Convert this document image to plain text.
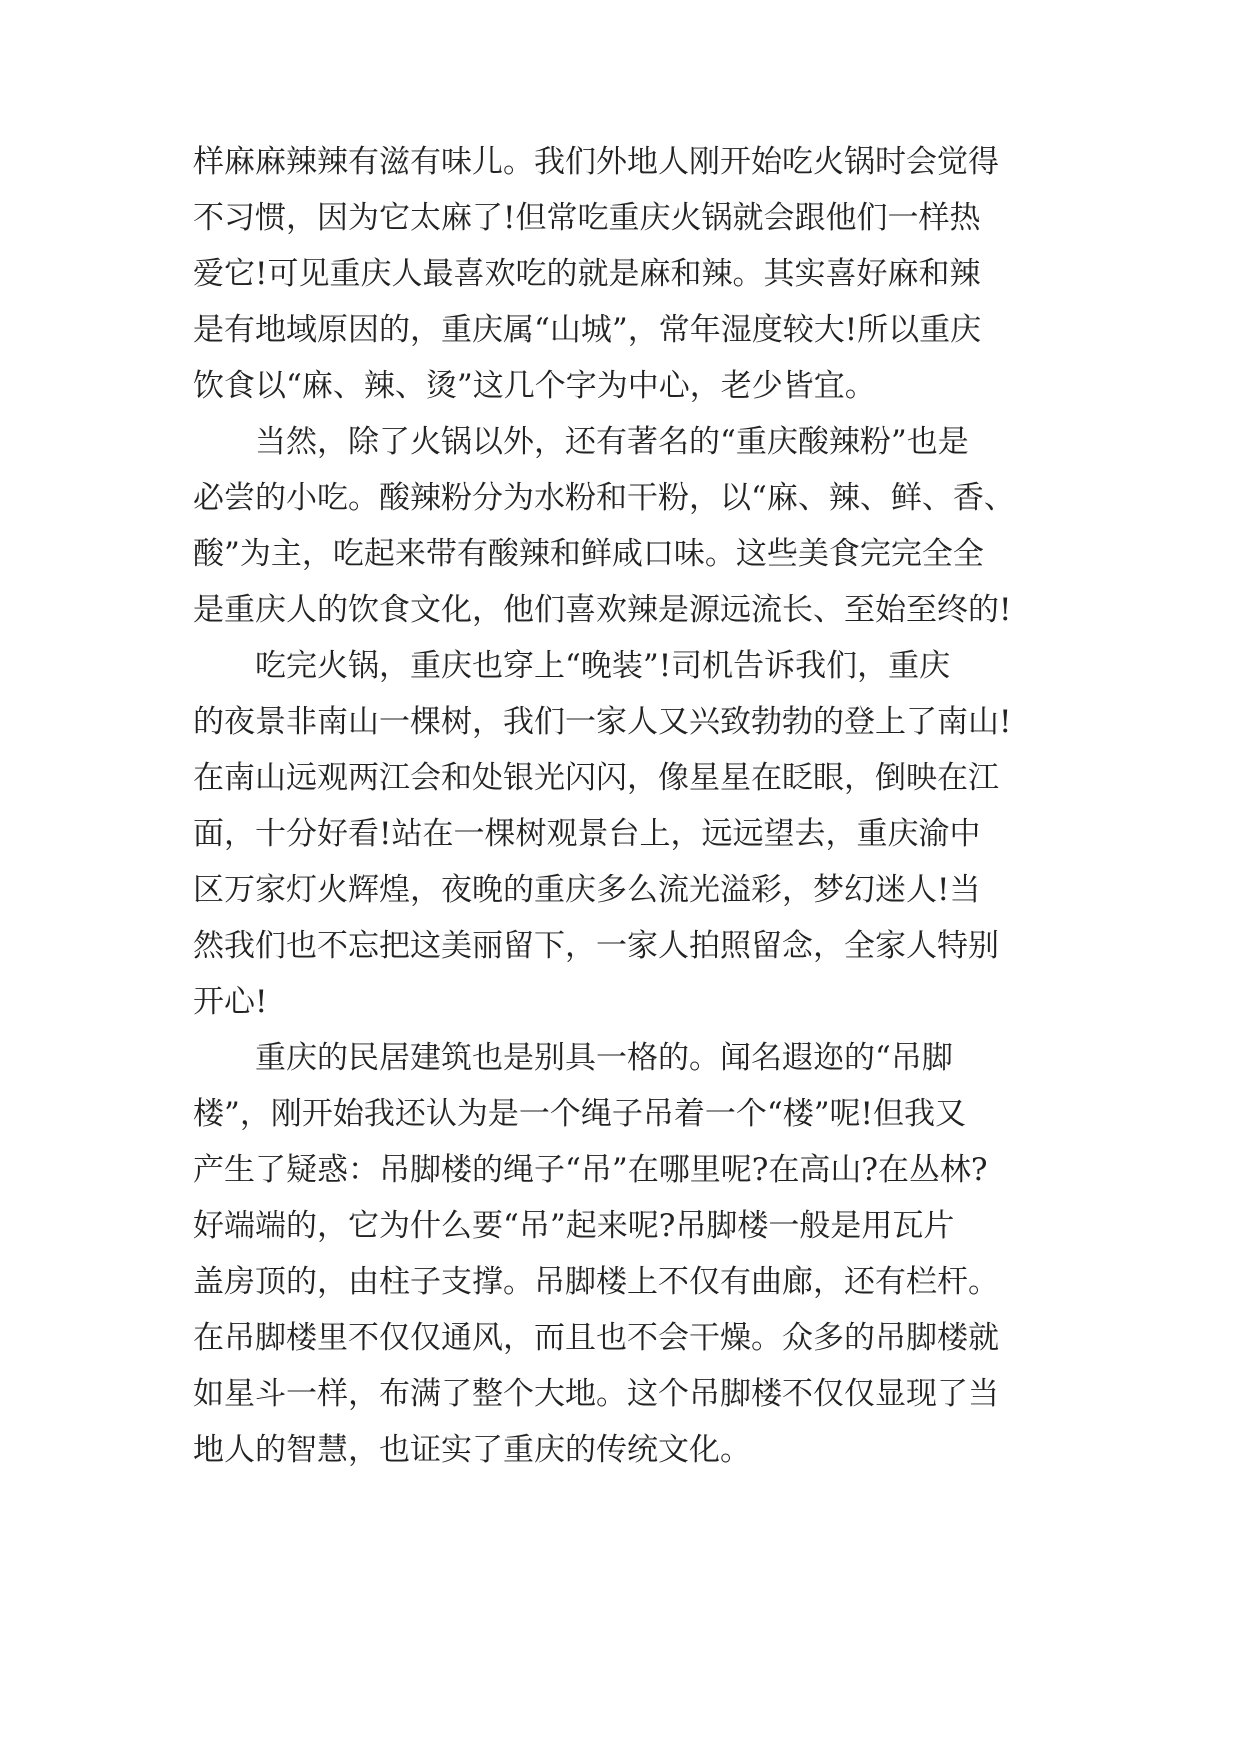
样麻麻辣辣有滋有味儿。我们外地人刚开始吃火锅时会觉得
不习惯，因为它太麻了!但常吃重庆火锅就会跟他们一样热
爱它!可见重庆人最喜欢吃的就是麻和辣。其实喜好麻和辣
是有地域原因的，重庆属“山城”，常年湿度较大!所以重庆
饮食以“麻、辣、烫”这几个字为中心，老少皆宜。
当然，除了火锅以外，还有著名的“重庆酸辣粉”也是
必尝的小吃。酸辣粉分为水粉和干粉，以“麻、辣、鲜、香、
酸”为主，吃起来带有酸辣和鲜咸口味。这些美食完完全全
是重庆人的饮食文化，他们喜欢辣是源远流长、至始至终的!
吃完火锅，重庆也穿上“晚装”!司机告诉我们，重庆
的夜景非南山一棵树，我们一家人又兴致勃勃的登上了南山!
在南山远观两江会和处银光闪闪，像星星在眨眼，倒映在江
面，十分好看!站在一棵树观景台上，远远望去，重庆渝中
区万家灯火辉煌，夜晚的重庆多么流光溢彩，梦幻迷人!当
然我们也不忘把这美丽留下，一家人拍照留念，全家人特别
开心!
重庆的民居建筑也是别具一格的。闻名遐迩的“吊脚
楼”，刚开始我还认为是一个绳子吊着一个“楼”呢!但我又
产生了疑惑：吊脚楼的绳子“吊”在哪里呢?在高山?在丛林?
好端端的，它为什么要“吊”起来呢?吊脚楼一般是用瓦片
盖房顶的，由柱子支撑。吊脚楼上不仅有曲廊，还有栏杆。
在吊脚楼里不仅仅通风，而且也不会干燥。众多的吊脚楼就
如星斗一样，布满了整个大地。这个吊脚楼不仅仅显现了当
地人的智慧，也证实了重庆的传统文化。
